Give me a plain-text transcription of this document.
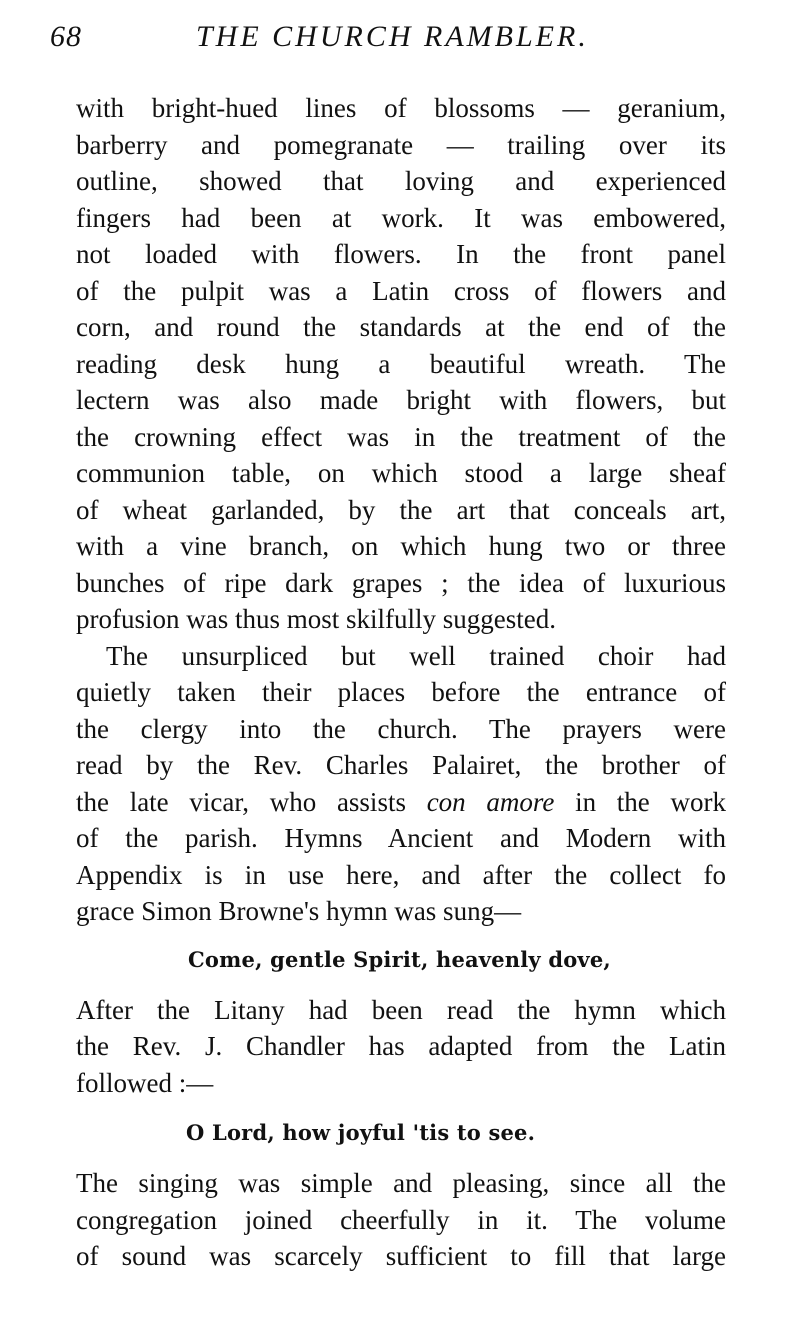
68	THE CHURCH RAMBLER.
with bright-hued lines of blossoms — geranium,
barberry and pomegranate — trailing over its
outline, showed that loving and experienced
fingers had been at work. It was embowered,
not loaded with flowers. In the front panel
of the pulpit was a Latin cross of flowers and
corn, and round the standards at the end of the
reading desk hung a beautiful wreath. The
lectern was also made bright with flowers, but
the crowning effect was in the treatment of the
communion table, on which stood a large sheaf
of wheat garlanded, by the art that conceals art,
with a vine branch, on which hung two or three
bunches of ripe dark grapes ; the idea of luxurious
profusion was thus most skilfully suggested.
The unsurpliced but well trained choir had
quietly taken their places before the entrance of
the clergy into the church. The prayers were
read by the Rev. Charles Palairet, the brother of
the late vicar, who assists con amore in the work
of the parish. Hymns Ancient and Modern with
Appendix is in use here, and after the collect fo
grace Simon Browne's hymn was sung—
Come, gentle Spirit, heavenly dove,
After the Litany had been read the hymn which
the Rev. J. Chandler has adapted from the Latin
followed :—
O Lord, how joyful 'tis to see.
The singing was simple and pleasing, since all the
congregation joined cheerfully in it. The volume
of sound was scarcely sufficient to fill that large
